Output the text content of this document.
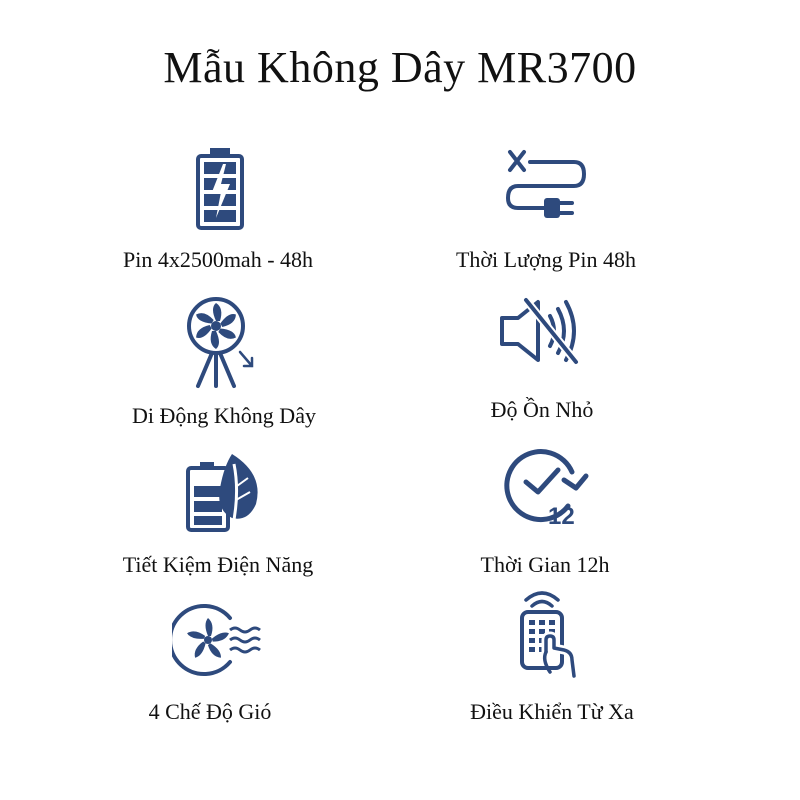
Mẫu Không Dây MR3700
Pin 4x2500mah - 48h	Thời Lượng Pin 48h
Di Động Không Dây	Độ Ồn Nhỏ
Tiết Kiệm Điện Năng
12
Thời Gian 12h
4 Chế Độ Gió	Điều Khiển Từ Xa
